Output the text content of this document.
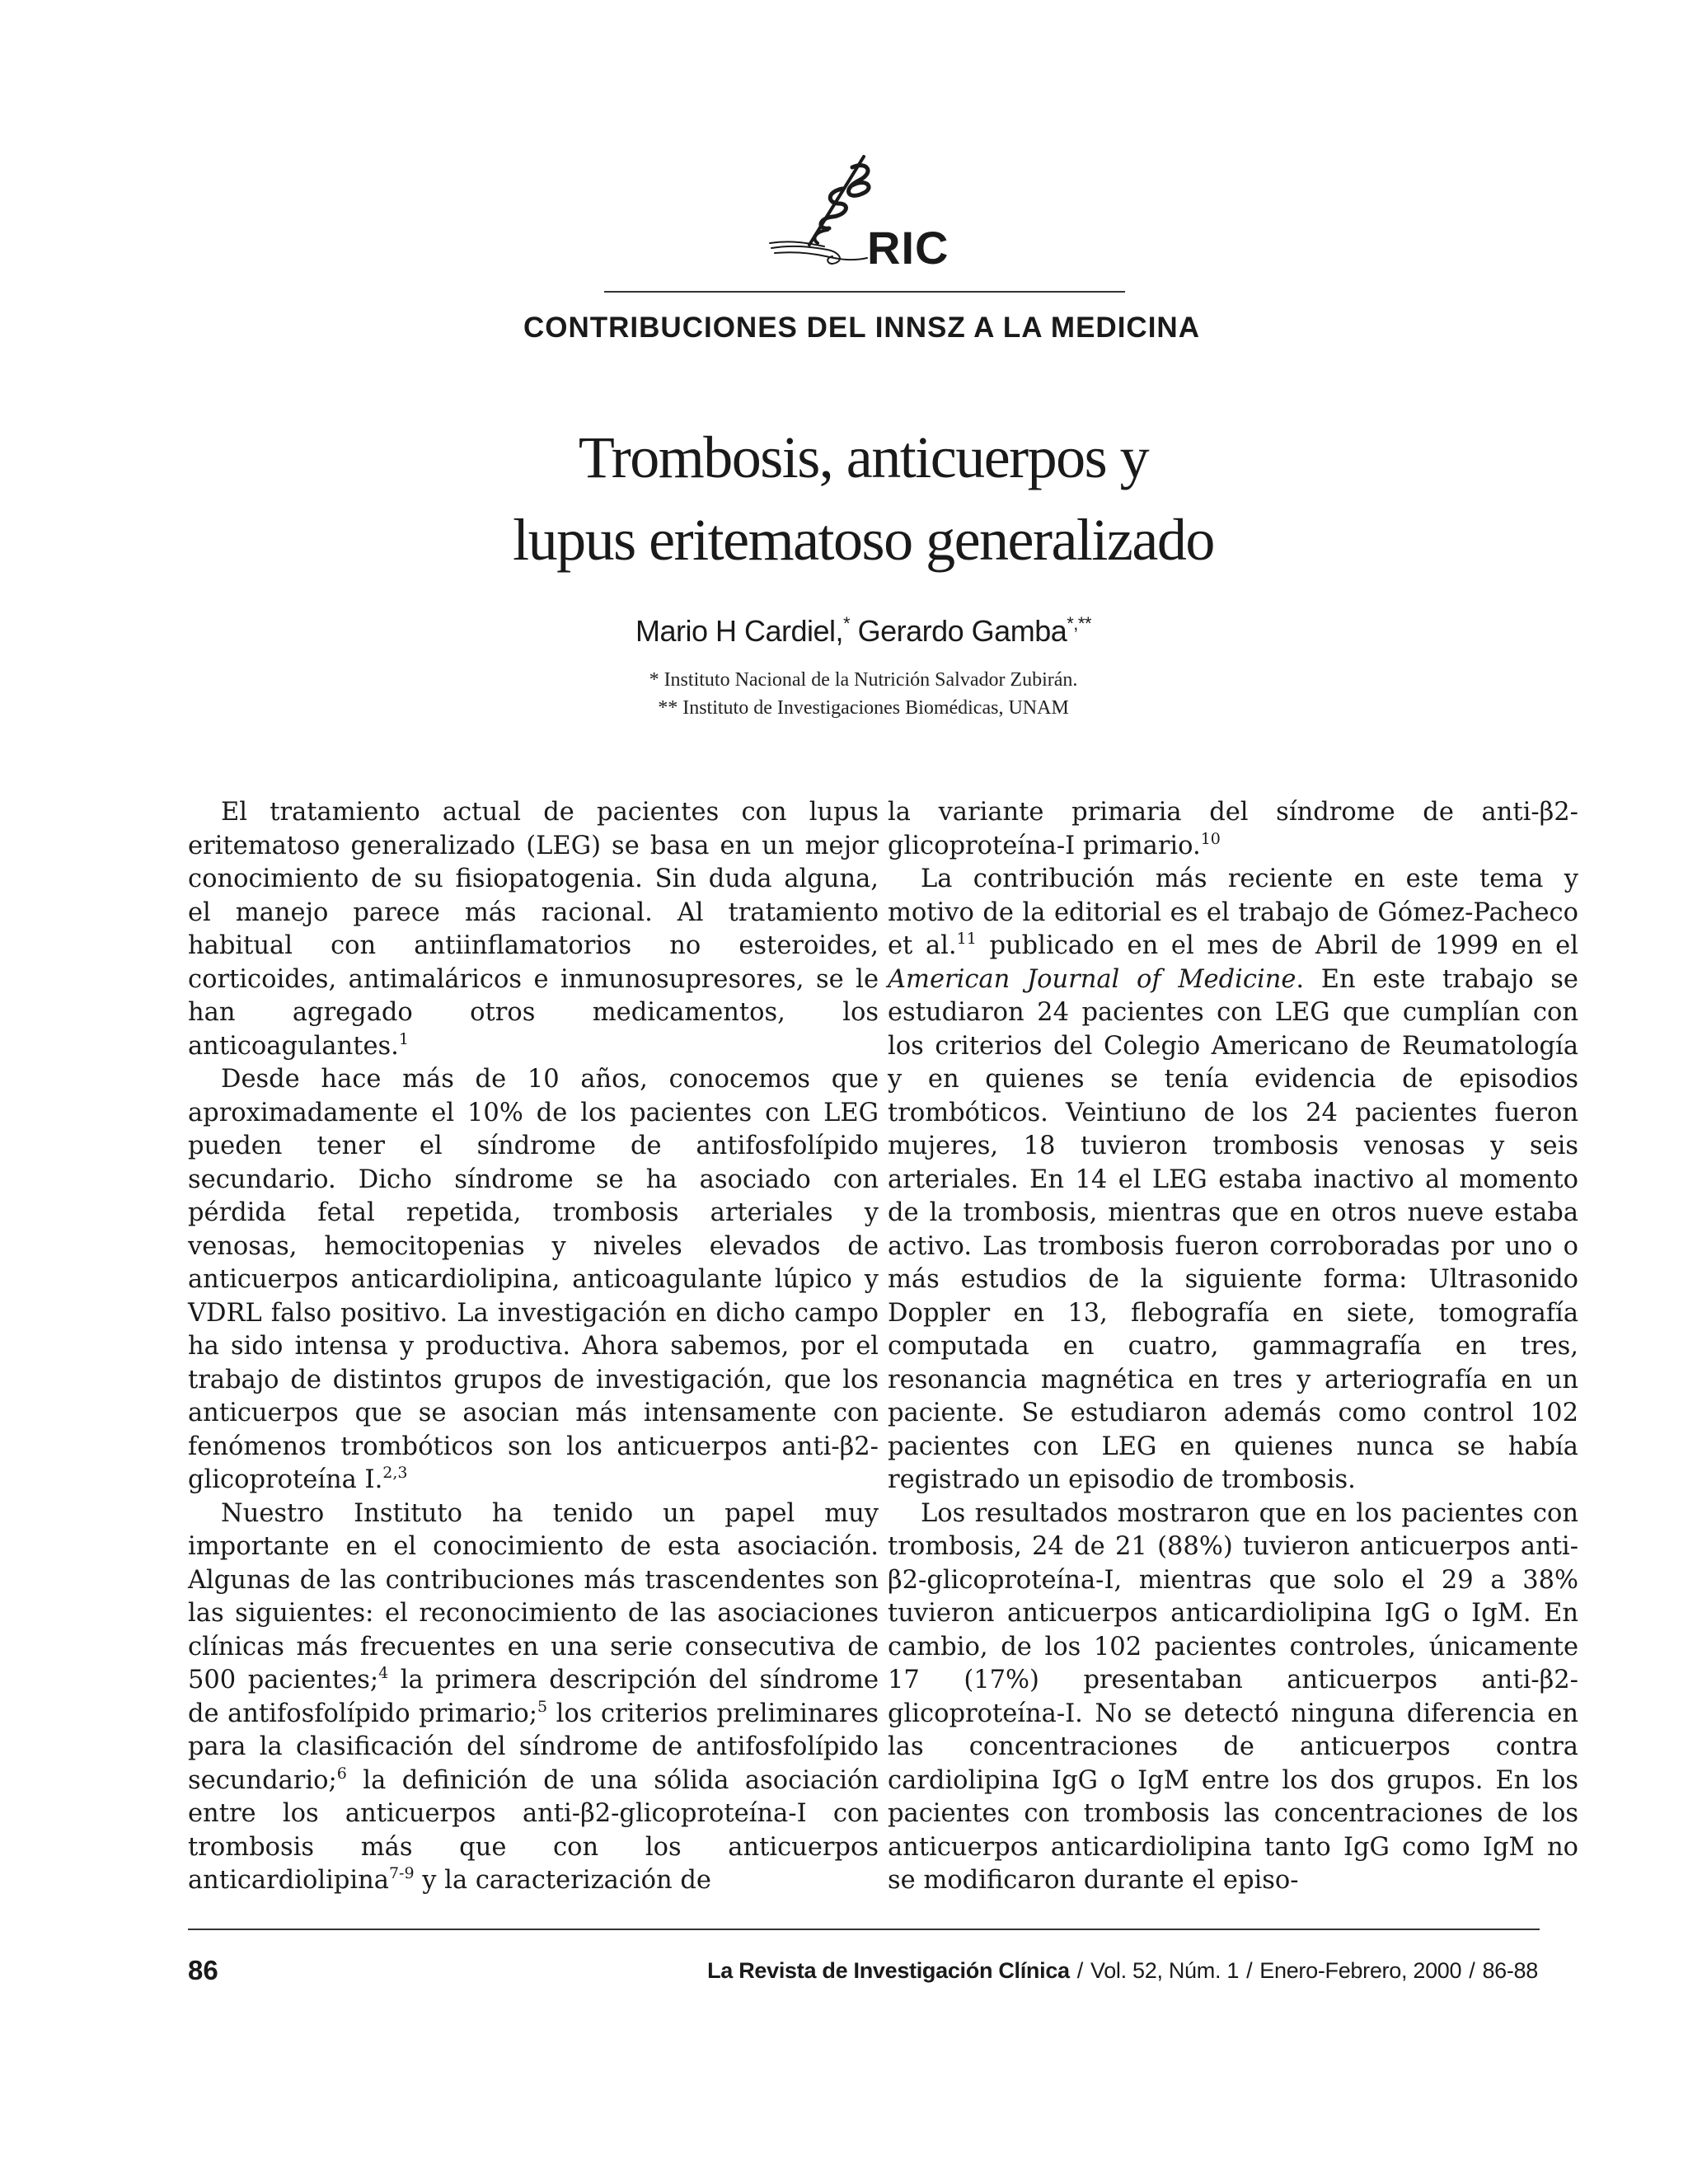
RIC
CONTRIBUCIONES DEL INNSZ A LA MEDICINA
Trombosis, anticuerpos y
lupus eritematoso generalizado
Mario H Cardiel,* Gerardo Gamba*,**
* Instituto Nacional de la Nutrición Salvador Zubirán.
** Instituto de Investigaciones Biomédicas, UNAM

El tratamiento actual de pacientes con lupus eritematoso generalizado (LEG) se basa en un mejor conocimiento de su fisiopatogenia. Sin duda alguna, el manejo parece más racional. Al tratamiento habitual con antiinflamatorios no esteroides, corticoides, antimaláricos e inmunosupresores, se le han agregado otros medicamentos, los anticoagulantes.$^1$

Desde hace más de 10 años, conocemos que aproximadamente el 10% de los pacientes con LEG pueden tener el síndrome de antifosfolípido secundario. Dicho síndrome se ha asociado con pérdida fetal repetida, trombosis arteriales y venosas, hemocitopenias y niveles elevados de anticuerpos anticardiolipina, anticoagulante lúpico y VDRL falso positivo. La investigación en dicho campo ha sido intensa y productiva. Ahora sabemos, por el trabajo de distintos grupos de investigación, que los anticuerpos que se asocian más intensamente con fenómenos trombóticos son los anticuerpos anti-β2-glicoproteína I.$^{2,3}$

Nuestro Instituto ha tenido un papel muy importante en el conocimiento de esta asociación. Algunas de las contribuciones más trascendentes son las siguientes: el reconocimiento de las asociaciones clínicas más frecuentes en una serie consecutiva de 500 pacientes;$^4$ la primera descripción del síndrome de antifosfolípido primario;$^5$ los criterios preliminares para la clasificación del síndrome de antifosfolípido secundario;$^6$ la definición de una sólida asociación entre los anticuerpos anti-β2-glicoproteína-I con trombosis más que con los anticuerpos anticardiolipina$^{7-9}$ y la caracterización de

la variante primaria del síndrome de anti-β2-glicoproteína-I primario.$^{10}$

La contribución más reciente en este tema y motivo de la editorial es el trabajo de Gómez-Pacheco et al.$^{11}$ publicado en el mes de Abril de 1999 en el American Journal of Medicine. En este trabajo se estudiaron 24 pacientes con LEG que cumplían con los criterios del Colegio Americano de Reumatología y en quienes se tenía evidencia de episodios trombóticos. Veintiuno de los 24 pacientes fueron mujeres, 18 tuvieron trombosis venosas y seis arteriales. En 14 el LEG estaba inactivo al momento de la trombosis, mientras que en otros nueve estaba activo. Las trombosis fueron corroboradas por uno o más estudios de la siguiente forma: Ultrasonido Doppler en 13, flebografía en siete, tomografía computada en cuatro, gammagrafía en tres, resonancia magnética en tres y arteriografía en un paciente. Se estudiaron además como control 102 pacientes con LEG en quienes nunca se había registrado un episodio de trombosis.

Los resultados mostraron que en los pacientes con trombosis, 24 de 21 (88%) tuvieron anticuerpos anti-β2-glicoproteína-I, mientras que solo el 29 a 38% tuvieron anticuerpos anticardiolipina IgG o IgM. En cambio, de los 102 pacientes controles, únicamente 17 (17%) presentaban anticuerpos anti-β2-glicoproteína-I. No se detectó ninguna diferencia en las concentraciones de anticuerpos contra cardiolipina IgG o IgM entre los dos grupos. En los pacientes con trombosis las concentraciones de los anticuerpos anticardiolipina tanto IgG como IgM no se modificaron durante el episo-

86	La Revista de Investigación Clínica / Vol. 52, Núm. 1 / Enero-Febrero, 2000 / 86-88
